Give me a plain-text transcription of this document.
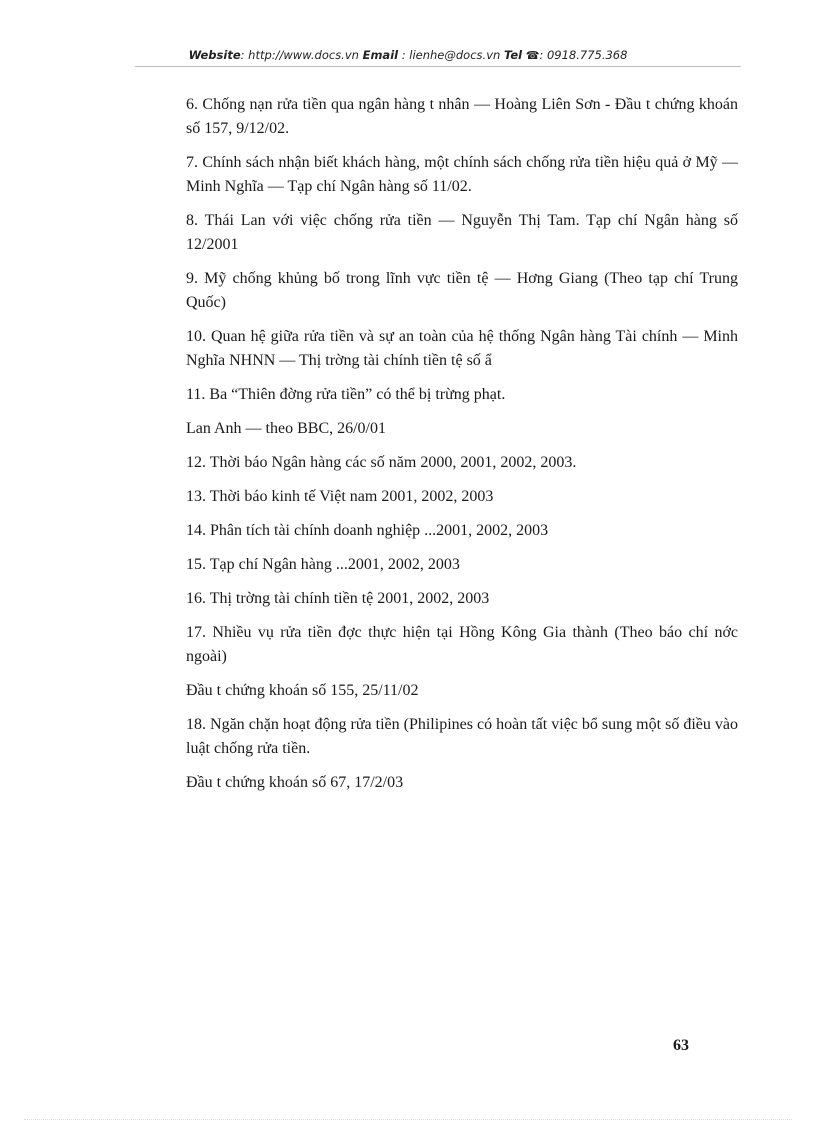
Website: http://www.docs.vn Email : lienhe@docs.vn Tel ☎: 0918.775.368

6. Chống nạn rửa tiền qua ngân hàng t nhân — Hoàng Liên Sơn - Đầu t chứng khoán số 157, 9/12/02.

7. Chính sách nhận biết khách hàng, một chính sách chống rửa tiền hiệu quả ở Mỹ — Minh Nghĩa — Tạp chí Ngân hàng số 11/02.

8. Thái Lan với việc chống rửa tiền — Nguyễn Thị Tam. Tạp chí Ngân hàng số 12/2001

9. Mỹ chống khủng bố trong lĩnh vực tiền tệ — Hơng Giang (Theo tạp chí Trung Quốc)

10. Quan hệ giữa rửa tiền và sự an toàn của hệ thống Ngân hàng Tài chính — Minh Nghĩa NHNN — Thị trờng tài chính tiền tệ số ẩ

11. Ba “Thiên đờng rửa tiền” có thể bị trừng phạt.

Lan Anh — theo BBC, 26/0/01

12. Thời báo Ngân hàng các số năm 2000, 2001, 2002, 2003.

13. Thời báo kinh tế Việt nam 2001, 2002, 2003

14. Phân tích tài chính doanh nghiệp ...2001, 2002, 2003

15. Tạp chí Ngân hàng ...2001, 2002, 2003

16. Thị trờng tài chính tiền tệ 2001, 2002, 2003

17. Nhiều vụ rửa tiền đợc thực hiện tại Hồng Kông Gia thành (Theo báo chí nớc ngoài)

Đầu t chứng khoán số 155, 25/11/02

18. Ngăn chặn hoạt động rửa tiền (Philipines có hoàn tất việc bổ sung một số điều vào luật chống rửa tiền.

Đầu t chứng khoán số 67, 17/2/03

63
